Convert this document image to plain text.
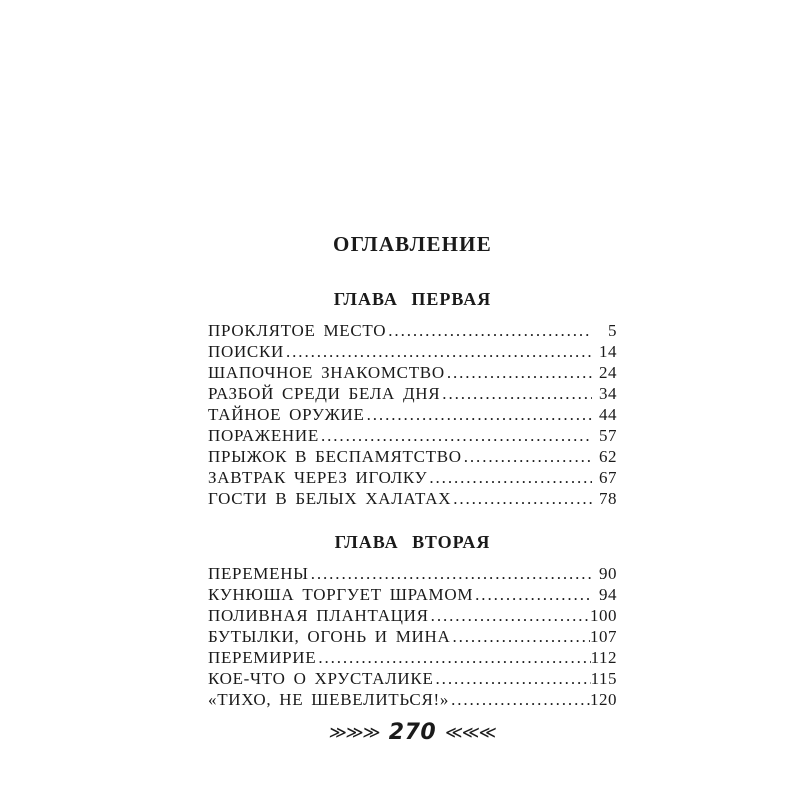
ОГЛАВЛЕНИЕ
ГЛАВА ПЕРВАЯ
ПРОКЛЯТОЕ МЕСТО .....	5
ПОИСКИ .....	14
ШАПОЧНОЕ ЗНАКОМСТВО .....	24
РАЗБОЙ СРЕДИ БЕЛА ДНЯ .....	34
ТАЙНОЕ ОРУЖИЕ .....	44
ПОРАЖЕНИЕ .....	57
ПРЫЖОК В БЕСПАМЯТСТВО .....	62
ЗАВТРАК ЧЕРЕЗ ИГОЛКУ .....	67
ГОСТИ В БЕЛЫХ ХАЛАТАХ .....	78
ГЛАВА ВТОРАЯ
ПЕРЕМЕНЫ .....	90
КУНЮША ТОРГУЕТ ШРАМОМ .....	94
ПОЛИВНАЯ ПЛАНТАЦИЯ .....	100
БУТЫЛКИ, ОГОНЬ И МИНА .....	107
ПЕРЕМИРИЕ .....	112
КОЕ-ЧТО О ХРУСТАЛИКЕ .....	115
«ТИХО, НЕ ШЕВЕЛИТЬСЯ!» .....	120
≫≫≫ 270 ≪≪≪
